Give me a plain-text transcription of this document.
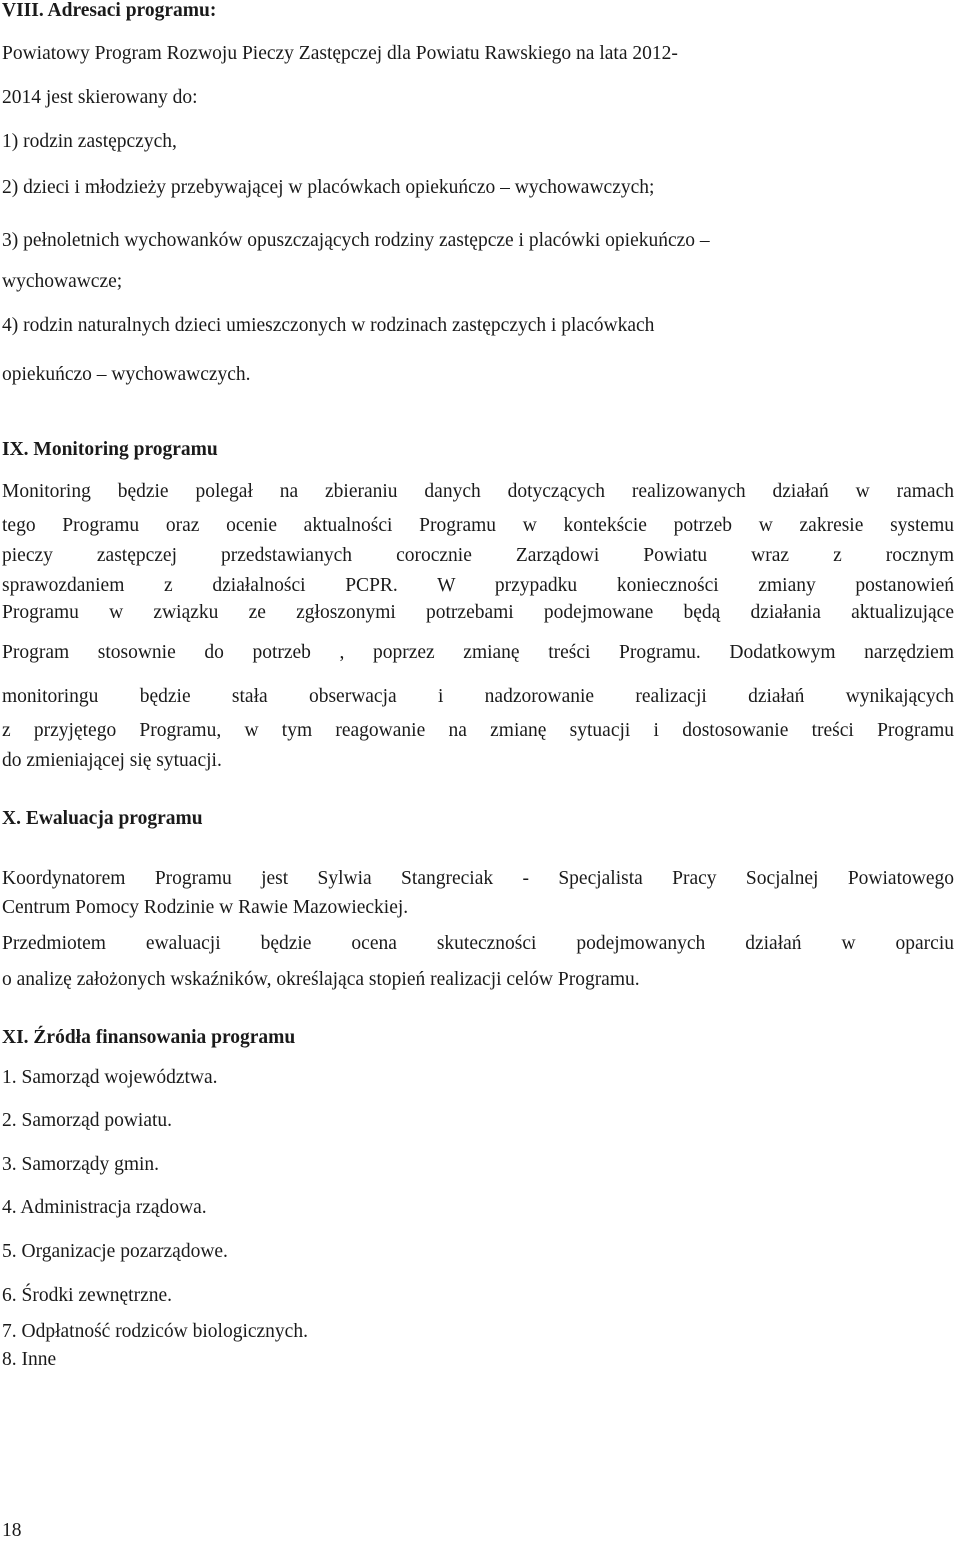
VIII. Adresaci programu:
Powiatowy Program Rozwoju Pieczy Zastępczej dla Powiatu Rawskiego na lata 2012-
2014 jest skierowany do:
1) rodzin zastępczych,
2) dzieci i młodzieży przebywającej w placówkach opiekuńczo – wychowawczych;
3) pełnoletnich wychowanków opuszczających rodziny zastępcze i placówki opiekuńczo –
wychowawcze;
4) rodzin naturalnych dzieci umieszczonych w rodzinach zastępczych i placówkach
opiekuńczo – wychowawczych.
IX. Monitoring programu
Monitoring będzie polegał na zbieraniu danych dotyczących realizowanych działań w ramach
tego Programu oraz ocenie aktualności Programu w kontekście potrzeb w zakresie systemu
pieczy zastępczej przedstawianych corocznie Zarządowi Powiatu wraz z rocznym
sprawozdaniem z działalności PCPR. W przypadku konieczności zmiany postanowień
Programu w związku ze zgłoszonymi potrzebami podejmowane będą działania aktualizujące
Program stosownie do potrzeb , poprzez zmianę treści Programu. Dodatkowym narzędziem
monitoringu będzie stała obserwacja i nadzorowanie realizacji działań wynikających
z przyjętego Programu, w tym reagowanie na zmianę sytuacji i dostosowanie treści Programu
do zmieniającej się sytuacji.
X. Ewaluacja programu
Koordynatorem Programu jest Sylwia Stangreciak - Specjalista Pracy Socjalnej Powiatowego
Centrum Pomocy Rodzinie w Rawie Mazowieckiej.
Przedmiotem ewaluacji będzie ocena skuteczności podejmowanych działań w oparciu
o analizę założonych wskaźników, określająca stopień realizacji celów Programu.
XI. Źródła finansowania programu
1. Samorząd województwa.
2. Samorząd powiatu.
3. Samorządy gmin.
4. Administracja rządowa.
5. Organizacje pozarządowe.
6. Środki zewnętrzne.
7. Odpłatność rodziców biologicznych.
8. Inne
18
